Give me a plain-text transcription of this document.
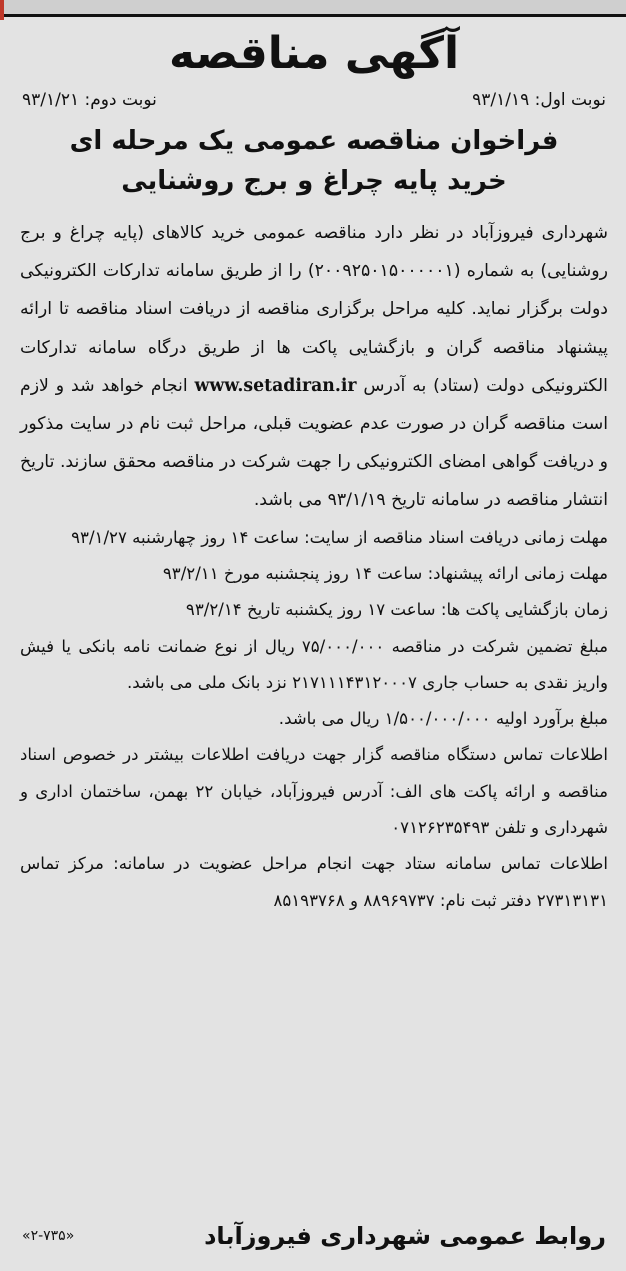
آگهی مناقصه
نوبت اول: ۹۳/۱/۱۹
نوبت دوم: ۹۳/۱/۲۱
فراخوان مناقصه عمومی یک مرحله ای
خرید پایه چراغ و برج روشنایی
شهرداری فیروزآباد در نظر دارد مناقصه عمومی خرید کالاهای (پایه چراغ و برج روشنایی) به شماره (۲۰۰۹۲۵۰۱۵۰۰۰۰۰۱) را از طریق سامانه تدارکات الکترونیکی دولت برگزار نماید. کلیه مراحل برگزاری مناقصه از دریافت اسناد مناقصه تا ارائه پیشنهاد مناقصه گران و بازگشایی پاکت ها از طریق درگاه سامانه تدارکات الکترونیکی دولت (ستاد) به آدرس www.setadiran.ir انجام خواهد شد و لازم است مناقصه گران در صورت عدم عضویت قبلی، مراحل ثبت نام در سایت مذکور و دریافت گواهی امضای الکترونیکی را جهت شرکت در مناقصه محقق سازند. تاریخ انتشار مناقصه در سامانه تاریخ ۹۳/۱/۱۹ می باشد.

مهلت زمانی دریافت اسناد مناقصه از سایت: ساعت ۱۴ روز چهارشنبه ۹۳/۱/۲۷

مهلت زمانی ارائه پیشنهاد: ساعت ۱۴ روز پنجشنبه مورخ ۹۳/۲/۱۱

زمان بازگشایی پاکت ها: ساعت ۱۷ روز یکشنبه تاریخ ۹۳/۲/۱۴

مبلغ تضمین شرکت در مناقصه ۷۵/۰۰۰/۰۰۰ ریال از نوع ضمانت نامه بانکی یا فیش واریز نقدی به حساب جاری ۲۱۷۱۱۱۴۳۱۲۰۰۰۷ نزد بانک ملی می باشد.

مبلغ برآورد اولیه ۱/۵۰۰/۰۰۰/۰۰۰ ریال می باشد.

اطلاعات تماس دستگاه مناقصه گزار جهت دریافت اطلاعات بیشتر در خصوص اسناد مناقصه و ارائه پاکت های الف: آدرس فیروزآباد، خیابان ۲۲ بهمن، ساختمان اداری و شهرداری و تلفن ۰۷۱۲۶۲۳۵۴۹۳

اطلاعات تماس سامانه ستاد جهت انجام مراحل عضویت در سامانه: مرکز تماس ۲۷۳۱۳۱۳۱ دفتر ثبت نام: ۸۸۹۶۹۷۳۷ و ۸۵۱۹۳۷۶۸

روابط عمومی شهرداری فیروزآباد
«۲-۷۳۵»
